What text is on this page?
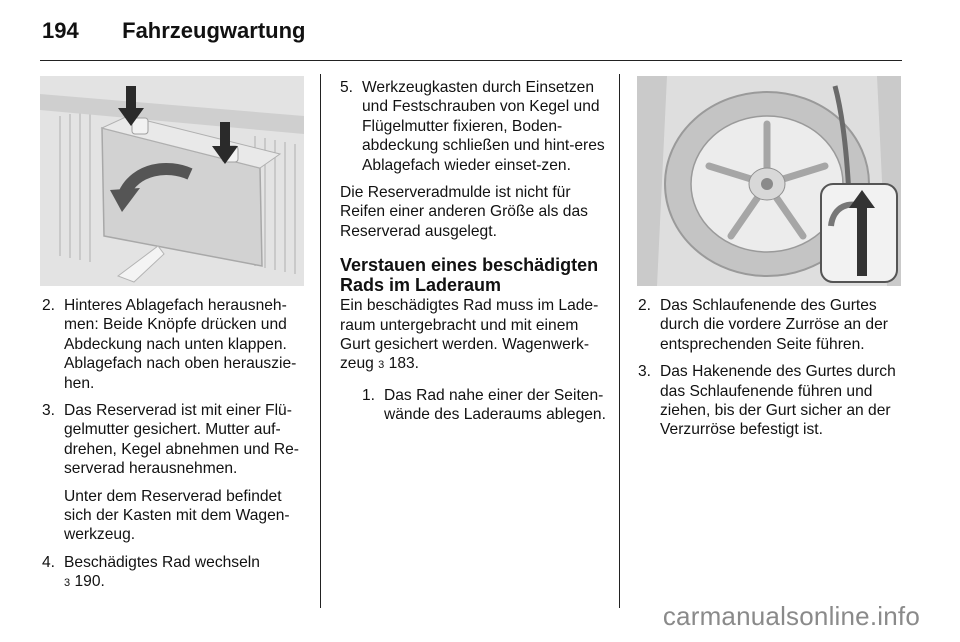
194 Fahrzeugwartung
2. Hinteres Ablagefach herausneh-men: Beide Knöpfe drücken und Abdeckung nach unten klappen. Ablagefach nach oben herauszie-hen.
3. Das Reserverad ist mit einer Flü-gelmutter gesichert. Mutter auf-drehen, Kegel abnehmen und Re-serverad herausnehmen.
Unter dem Reserverad befindet sich der Kasten mit dem Wagen-werkzeug.
4. Beschädigtes Rad wechseln
3 190.
5. Werkzeugkasten durch Einsetzen und Festschrauben von Kegel und Flügelmutter fixieren, Boden-abdeckung schließen und hint-eres Ablagefach wieder einset-zen.

Die Reserveradmulde ist nicht für Reifen einer anderen Größe als das Reserverad ausgelegt.

Verstauen eines beschädigten Rads im Laderaum

Ein beschädigtes Rad muss im Lade-raum untergebracht und mit einem Gurt gesichert werden. Wagenwerk-zeug 3 183.

1. Das Rad nahe einer der Seiten-wände des Laderaums ablegen.
2. Das Schlaufenende des Gurtes durch die vordere Zurröse an der entsprechenden Seite führen.
3. Das Hakenende des Gurtes durch das Schlaufenende führen und ziehen, bis der Gurt sicher an der Verzurröse befestigt ist.
carmanualsonline.info
